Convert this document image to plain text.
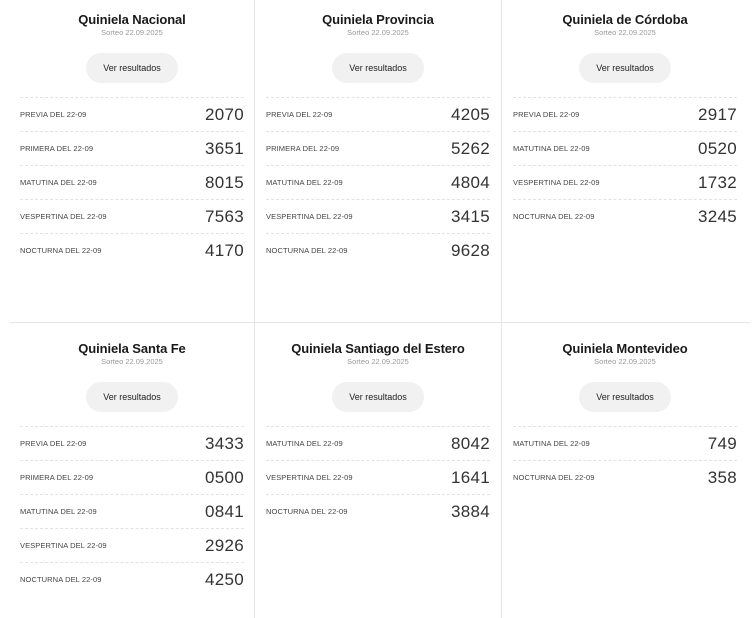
Quiniela Nacional
Sorteo 22.09.2025
Ver resultados
PREVIA DEL 22-09	2070
PRIMERA DEL 22-09	3651
MATUTINA DEL 22-09	8015
VESPERTINA DEL 22-09	7563
NOCTURNA DEL 22-09	4170
Quiniela Provincia
Sorteo 22.09.2025
Ver resultados
PREVIA DEL 22-09	4205
PRIMERA DEL 22-09	5262
MATUTINA DEL 22-09	4804
VESPERTINA DEL 22-09	3415
NOCTURNA DEL 22-09	9628
Quiniela de Córdoba
Sorteo 22.09.2025
Ver resultados
PREVIA DEL 22-09	2917
MATUTINA DEL 22-09	0520
VESPERTINA DEL 22-09	1732
NOCTURNA DEL 22-09	3245
Quiniela Santa Fe
Sorteo 22.09.2025
Ver resultados
PREVIA DEL 22-09	3433
PRIMERA DEL 22-09	0500
MATUTINA DEL 22-09	0841
VESPERTINA DEL 22-09	2926
NOCTURNA DEL 22-09	4250
Quiniela Santiago del Estero
Sorteo 22.09.2025
Ver resultados
MATUTINA DEL 22-09	8042
VESPERTINA DEL 22-09	1641
NOCTURNA DEL 22-09	3884
Quiniela Montevideo
Sorteo 22.09.2025
Ver resultados
MATUTINA DEL 22-09	749
NOCTURNA DEL 22-09	358
